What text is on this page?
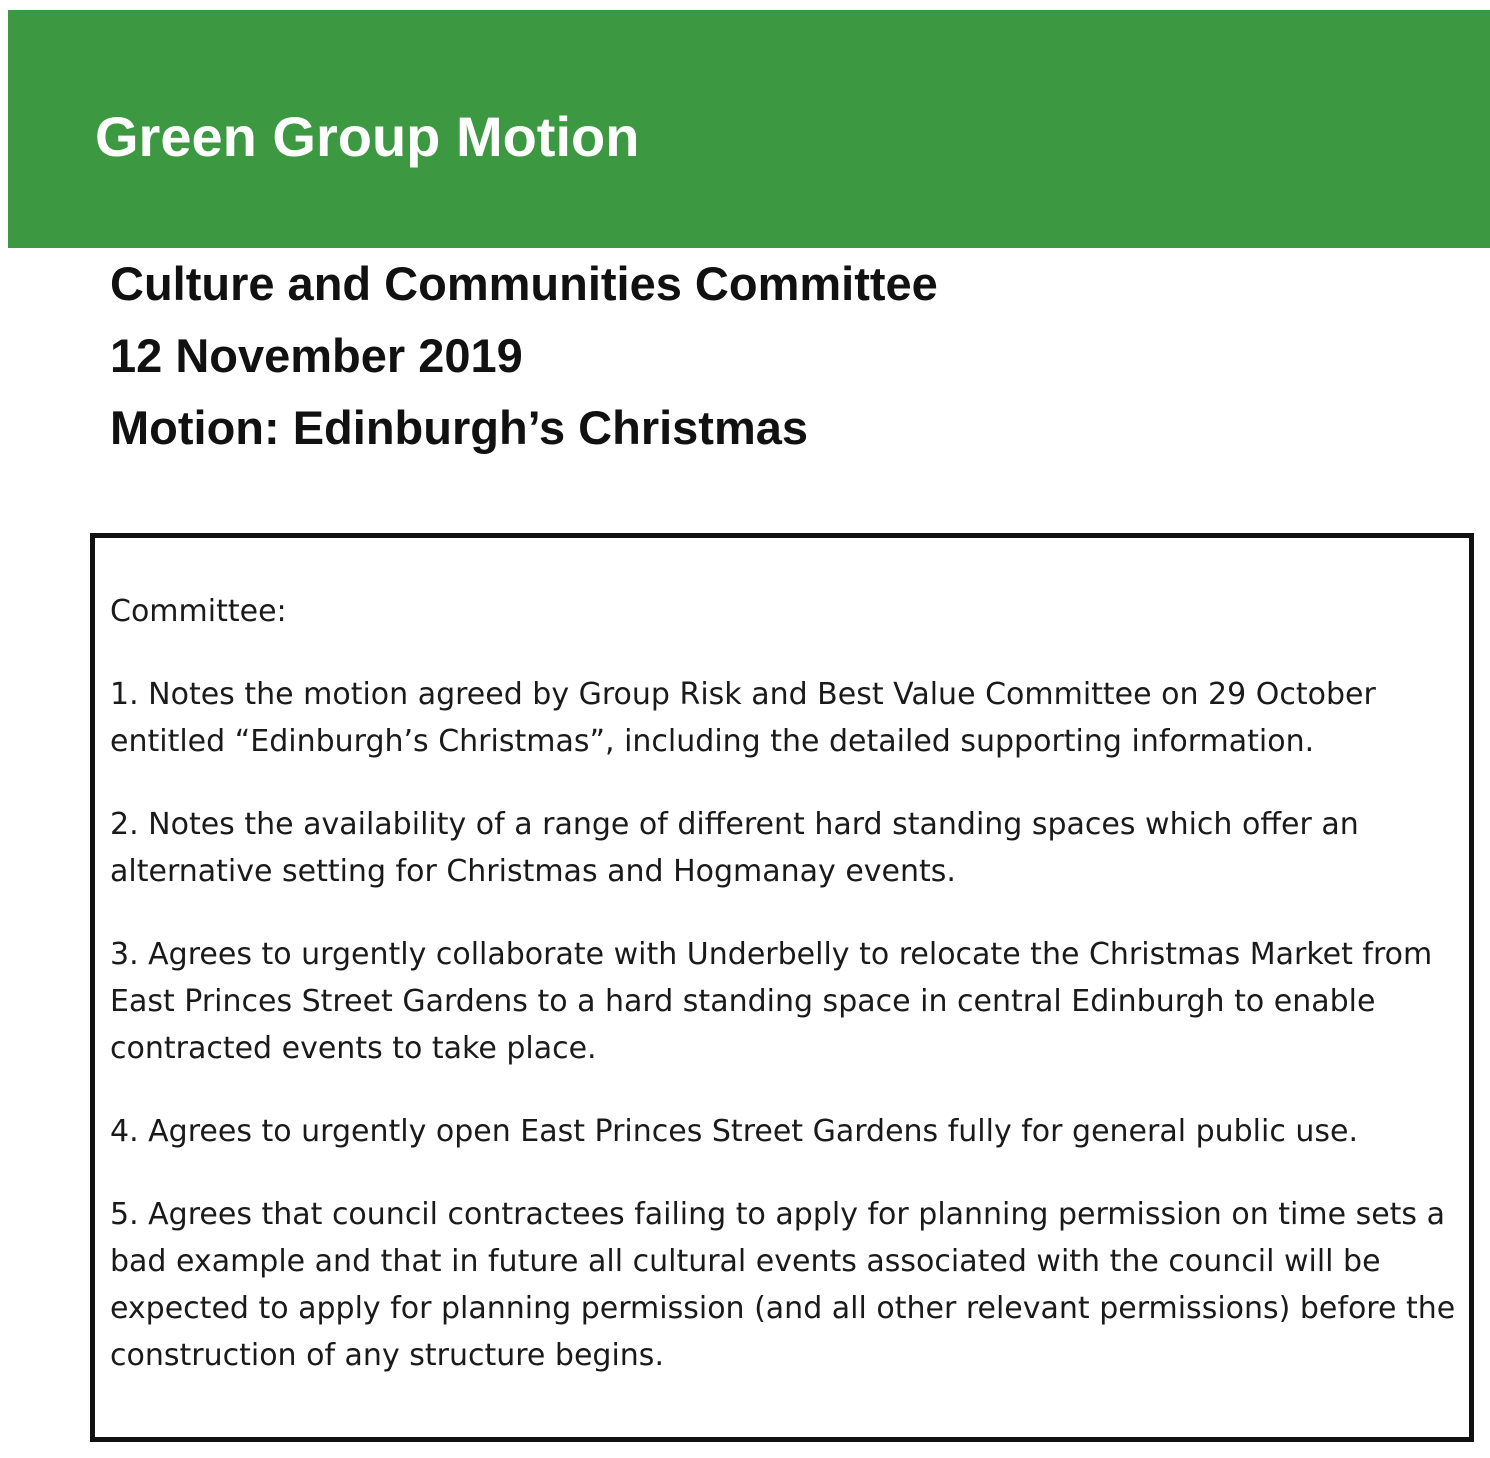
Green Group Motion
Culture and Communities Committee
12 November 2019
Motion: Edinburgh’s Christmas

Committee:

1. Notes the motion agreed by Group Risk and Best Value Committee on 29 October entitled “Edinburgh’s Christmas”, including the detailed supporting information.

2. Notes the availability of a range of different hard standing spaces which offer an alternative setting for Christmas and Hogmanay events.

3. Agrees to urgently collaborate with Underbelly to relocate the Christmas Market from East Princes Street Gardens to a hard standing space in central Edinburgh to enable contracted events to take place.

4. Agrees to urgently open East Princes Street Gardens fully for general public use.

5. Agrees that council contractees failing to apply for planning permission on time sets a bad example and that in future all cultural events associated with the council will be expected to apply for planning permission (and all other relevant permissions) before the construction of any structure begins.
